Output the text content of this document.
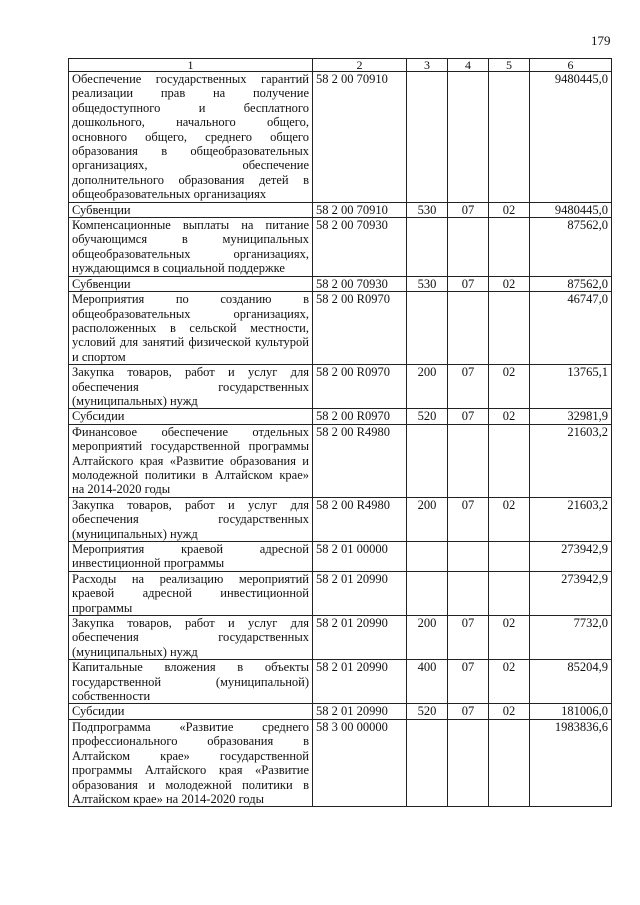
179
1	2	3	4	5	6
Обеспечение государственных гарантий реализации прав на получение общедоступного и бесплатного дошкольного, начального общего, основного общего, среднего общего образования в общеобразовательных организациях, обеспечение дополнительного образования детей в общеобразовательных организациях	58 2 00 70910				9480445,0
Субвенции	58 2 00 70910	530	07	02	9480445,0
Компенсационные выплаты на питание обучающимся в муниципальных общеобразовательных организациях, нуждающимся в социальной поддержке	58 2 00 70930				87562,0
Субвенции	58 2 00 70930	530	07	02	87562,0
Мероприятия по созданию в общеобразовательных организациях, расположенных в сельской местности, условий для занятий физической культурой и спортом	58 2 00 R0970				46747,0
Закупка товаров, работ и услуг для обеспечения государственных (муниципальных) нужд	58 2 00 R0970	200	07	02	13765,1
Субсидии	58 2 00 R0970	520	07	02	32981,9
Финансовое обеспечение отдельных мероприятий государственной программы Алтайского края «Развитие образования и молодежной политики в Алтайском крае» на 2014-2020 годы	58 2 00 R4980				21603,2
Закупка товаров, работ и услуг для обеспечения государственных (муниципальных) нужд	58 2 00 R4980	200	07	02	21603,2
Мероприятия краевой адресной инвестиционной программы	58 2 01 00000				273942,9
Расходы на реализацию мероприятий краевой адресной инвестиционной программы	58 2 01 20990				273942,9
Закупка товаров, работ и услуг для обеспечения государственных (муниципальных) нужд	58 2 01 20990	200	07	02	7732,0
Капитальные вложения в объекты государственной (муниципальной) собственности	58 2 01 20990	400	07	02	85204,9
Субсидии	58 2 01 20990	520	07	02	181006,0
Подпрограмма «Развитие среднего профессионального образования в Алтайском крае» государственной программы Алтайского края «Развитие образования и молодежной политики в Алтайском крае» на 2014-2020 годы	58 3 00 00000				1983836,6
